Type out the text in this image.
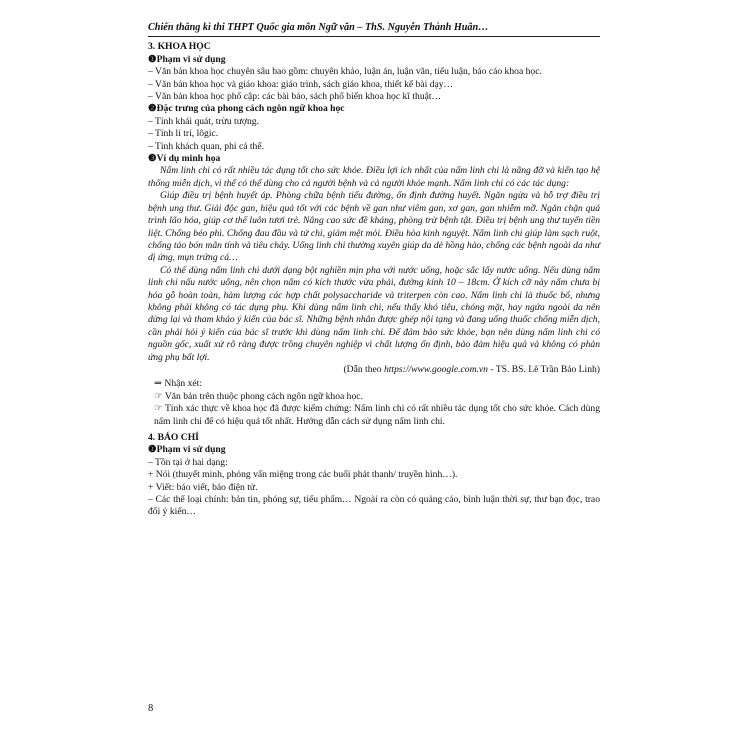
Chiến thắng kì thi THPT Quốc gia môn Ngữ văn – ThS. Nguyễn Thành Huân…
3. KHOA HỌC
❶Phạm vi sử dụng

– Văn bản khoa học chuyên sâu bao gồm: chuyên khảo, luận án, luận văn, tiểu luận, báo cáo khoa học.

– Văn bản khoa học và giáo khoa: giáo trình, sách giáo khoa, thiết kế bài dạy…

– Văn bản khoa học phổ cập: các bài báo, sách phổ biến khoa học kĩ thuật…

❷Đặc trưng của phong cách ngôn ngữ khoa học

– Tính khái quát, trừu tượng.

– Tính lí trí, lôgic.

– Tính khách quan, phi cá thể.

❸Ví dụ minh họa

Nấm linh chi có rất nhiều tác dụng tốt cho sức khỏe. Điều lợi ích nhất của nấm linh chi là nâng đỡ và kiến tạo hệ thống miễn dịch, vì thế có thể dùng cho cả người bệnh và cả người khỏe mạnh. Nấm linh chi có các tác dụng:

Giúp điều trị bệnh huyết áp. Phòng chữa bệnh tiểu đường, ổn định đường huyết. Ngăn ngừa và hỗ trợ điều trị bệnh ung thư. Giải độc gan, hiệu quả tốt với các bệnh về gan như viêm gan, xơ gan, gan nhiễm mỡ. Ngăn chặn quá trình lão hóa, giúp cơ thể luôn tươi trẻ. Nâng cao sức đề kháng, phòng trừ bệnh tật. Điều trị bệnh ung thư tuyến tiền liệt. Chống béo phì. Chống đau đầu và tứ chi, giảm mệt mỏi. Điều hòa kinh nguyệt. Nấm linh chi giúp làm sạch ruột, chống táo bón mãn tính và tiêu chảy. Uống linh chi thường xuyên giúp da dẻ hồng hào, chống các bệnh ngoài da như dị ứng, mụn trứng cá…

Có thể dùng nấm linh chi dưới dạng bột nghiền mịn pha với nước uống, hoặc sắc lấy nước uống. Nếu dùng nấm linh chi nấu nước uống, nên chọn nấm có kích thước vừa phải, đường kính 10 – 18cm. Ở kích cỡ này nấm chưa bị hóa gỗ hoàn toàn, hàm lượng các hợp chất polysaccharide và triterpen còn cao. Nấm linh chi là thuốc bổ, nhưng không phải không có tác dụng phụ. Khi dùng nấm linh chi, nếu thấy khó tiêu, chóng mặt, hay ngứa ngoài da nên dừng lại và tham khảo ý kiến của bác sĩ. Những bệnh nhân được ghép nội tạng và đang uống thuốc chống miễn dịch, cần phải hỏi ý kiến của bác sĩ trước khi dùng nấm linh chi. Để đảm bảo sức khỏe, bạn nên dùng nấm linh chi có nguồn gốc, xuất xứ rõ ràng được trồng chuyên nghiệp vì chất lượng ổn định, bảo đảm hiệu quả và không có phản ứng phụ bất lợi.

(Dẫn theo https://www.google.com.vn - TS. BS. Lê Trần Bảo Linh)

⇒ Nhận xét:

☞ Văn bản trên thuộc phong cách ngôn ngữ khoa học.

☞ Tính xác thực về khoa học đã được kiểm chứng: Nấm linh chi có rất nhiều tác dụng tốt cho sức khỏe. Cách dùng nấm linh chi để có hiệu quả tốt nhất. Hướng dẫn cách sử dụng nấm linh chi.

4. BÁO CHÍ
❶Phạm vi sử dụng

– Tồn tại ở hai dạng:

+ Nói (thuyết minh, phỏng vấn miệng trong các buổi phát thanh/ truyền hình…).

+ Viết: báo viết, báo điện tử.

– Các thể loại chính: bản tin, phóng sự, tiểu phẩm… Ngoài ra còn có quảng cáo, bình luận thời sự, thư bạn đọc, trao đổi ý kiến…

8
